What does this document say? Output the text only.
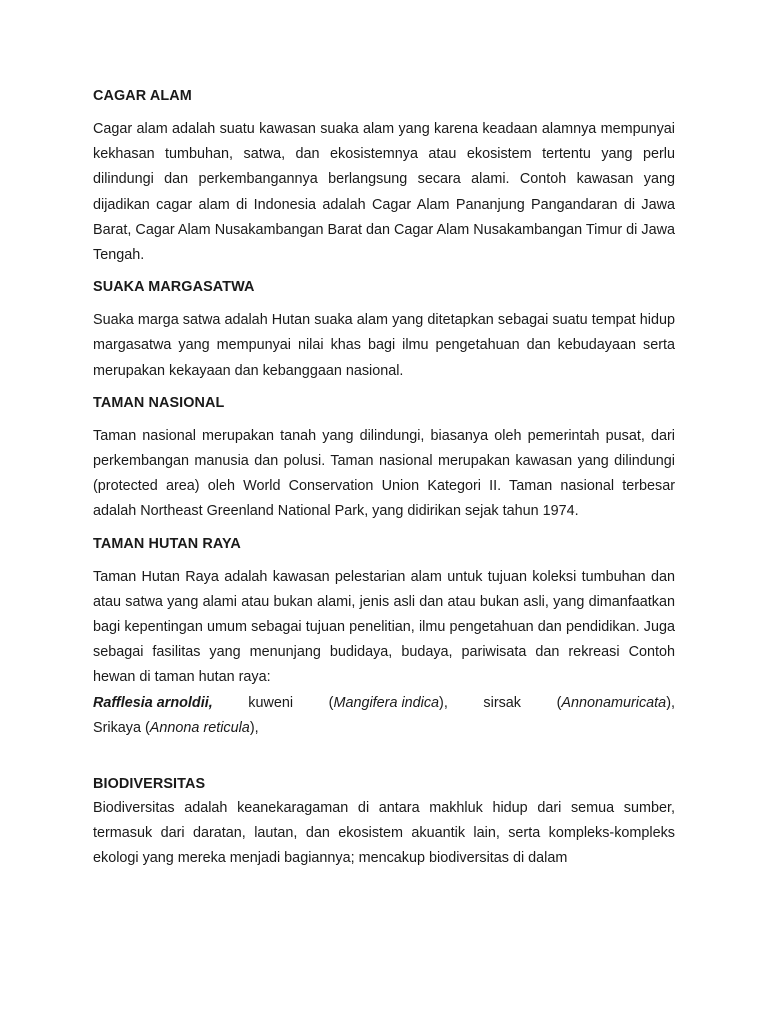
CAGAR ALAM

Cagar alam adalah suatu kawasan suaka alam yang karena keadaan alamnya mempunyai kekhasan tumbuhan, satwa, dan ekosistemnya atau ekosistem tertentu yang perlu dilindungi dan perkembangannya berlangsung secara alami. Contoh kawasan yang dijadikan cagar alam di Indonesia adalah Cagar Alam Pananjung Pangandaran di Jawa Barat, Cagar Alam Nusakambangan Barat dan Cagar Alam Nusakambangan Timur di Jawa Tengah.

SUAKA MARGASATWA

Suaka marga satwa adalah Hutan suaka alam yang ditetapkan sebagai suatu tempat hidup margasatwa yang mempunyai nilai khas bagi ilmu pengetahuan dan kebudayaan serta merupakan kekayaan dan kebanggaan nasional.

TAMAN NASIONAL

Taman nasional merupakan tanah yang dilindungi, biasanya oleh pemerintah pusat, dari perkembangan manusia dan polusi. Taman nasional merupakan kawasan yang dilindungi (protected area) oleh World Conservation Union Kategori II. Taman nasional terbesar adalah Northeast Greenland National Park, yang didirikan sejak tahun 1974.

TAMAN HUTAN RAYA

Taman Hutan Raya adalah kawasan pelestarian alam untuk tujuan koleksi tumbuhan dan atau satwa yang alami atau bukan alami, jenis asli dan atau bukan asli, yang dimanfaatkan bagi kepentingan umum sebagai tujuan penelitian, ilmu pengetahuan dan pendidikan. Juga sebagai fasilitas yang menunjang budidaya, budaya, pariwisata dan rekreasi Contoh hewan di taman hutan raya:

Rafflesia arnoldii, kuweni (Mangifera indica), sirsak (Annonamuricata),

Srikaya (Annona reticula),

BIODIVERSITAS

Biodiversitas adalah keanekaragaman di antara makhluk hidup dari semua sumber, termasuk dari daratan, lautan, dan ekosistem akuantik lain, serta kompleks-kompleks ekologi yang mereka menjadi bagiannya; mencakup biodiversitas di dalam
